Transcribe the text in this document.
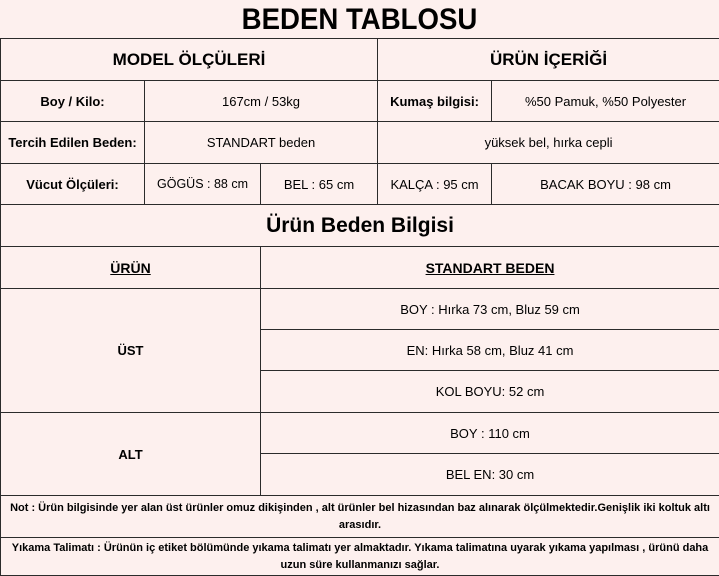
BEDEN TABLOSU
MODEL ÖLÇÜLERİ			ÜRÜN İÇERİĞİ	
Boy / Kilo:	167cm / 53kg		Kumaş bilgisi:	%50 Pamuk, %50 Polyester
Tercih Edilen Beden:	STANDART beden		yüksek bel, hırka cepli	
Vücut Ölçüleri:	GÖGÜS : 88 cm	BEL : 65 cm	KALÇA : 95 cm	BACAK BOYU : 98 cm
Ürün Beden Bilgisi				
ÜRÜN		STANDART BEDEN		
ÜST		BOY : Hırka 73 cm, Bluz 59 cm		
		EN: Hırka 58 cm, Bluz 41 cm		
		KOL BOYU: 52 cm		
ALT		BOY : 110 cm		
		BEL EN: 30 cm		
Not : Ürün bilgisinde yer alan üst ürünler omuz dikişinden , alt ürünler bel hizasından baz alınarak ölçülmektedir.Genişlik iki koltuk altı arasıdır.				
Yıkama Talimatı : Ürünün iç etiket bölümünde yıkama talimatı yer almaktadır. Yıkama talimatına uyarak yıkama yapılması , ürünü daha uzun süre kullanmanızı sağlar.				
